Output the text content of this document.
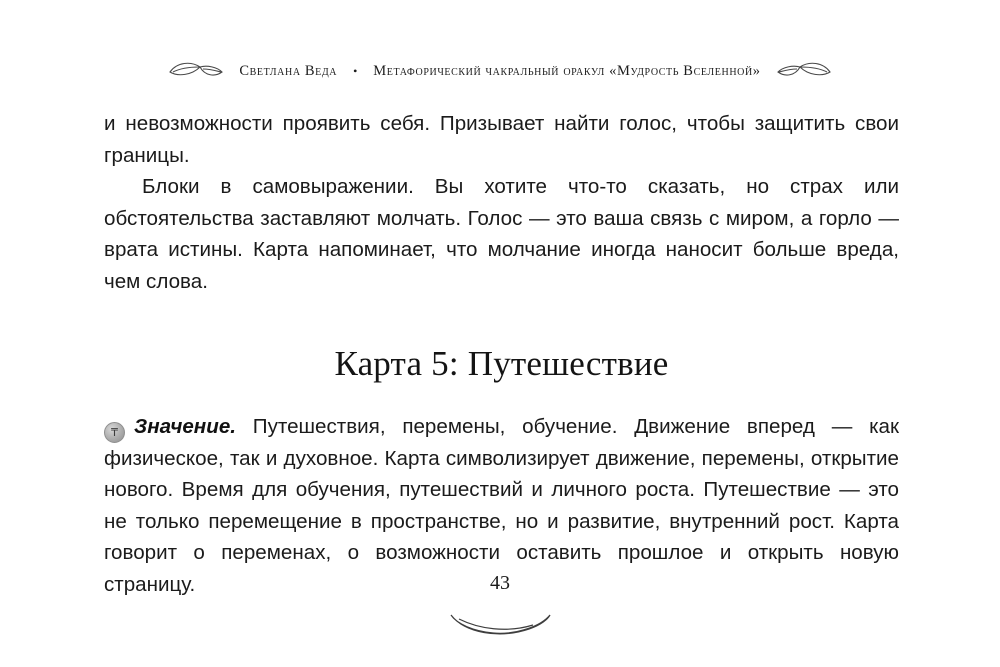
Светлана Веда • Метафорический чакральный оракул «Мудрость Вселенной»

и невозможности проявить себя. Призывает найти голос, чтобы защитить свои границы.

Блоки в самовыражении. Вы хотите что-то сказать, но страх или обстоятельства заставляют молчать. Голос — это ваша связь с миром, а горло — врата истины. Карта напоминает, что молчание иногда наносит больше вреда, чем слова.

Карта 5: Путешествие

₸ Значение. Путешествия, перемены, обучение. Движение вперед — как физическое, так и духовное. Карта символизирует движение, перемены, открытие нового. Время для обучения, путешествий и личного роста. Путешествие — это не только перемещение в пространстве, но и развитие, внутренний рост. Карта говорит о переменах, о возможности оставить прошлое и открыть новую страницу.	43
